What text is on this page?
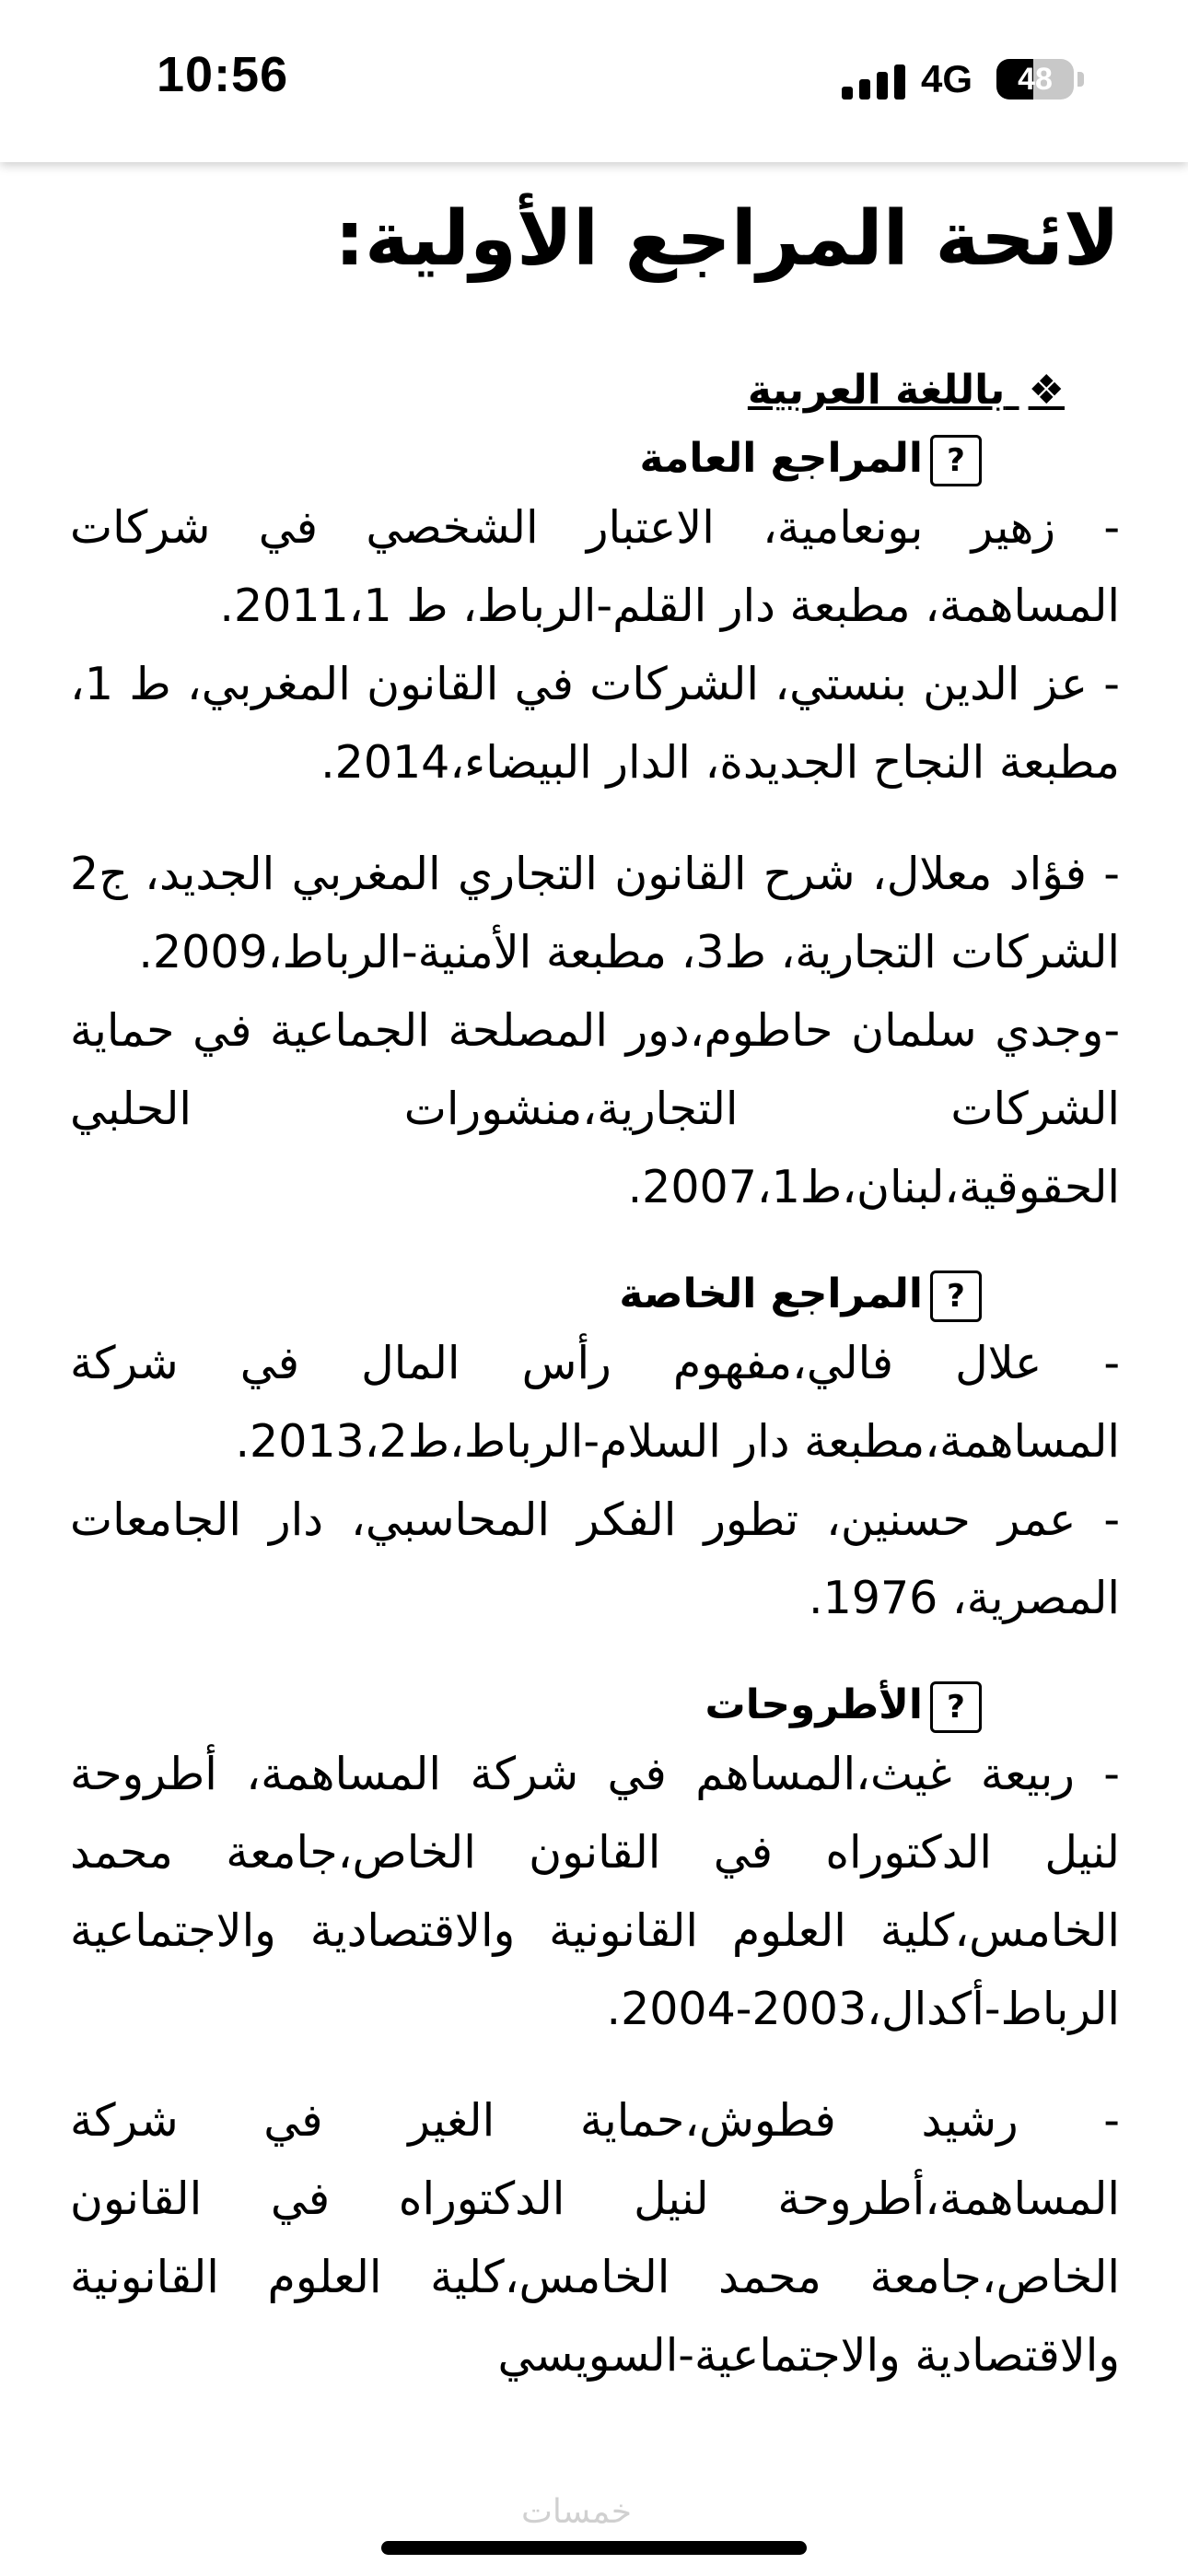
10:56	4G	48
لائحة المراجع الأولية:
❖ باللغة العربية
?المراجع العامة

- زهير بونعامية، الاعتبار الشخصي في شركات المساهمة، مطبعة دار القلم-الرباط، ط 2011،1.

- عز الدين بنستي، الشركات في القانون المغربي، ط 1، مطبعة النجاح الجديدة، الدار البيضاء،2014.

- فؤاد معلال، شرح القانون التجاري المغربي الجديد، ج2 الشركات التجارية، ط3، مطبعة الأمنية-الرباط،2009.

-وجدي سلمان حاطوم،دور المصلحة الجماعية في حماية الشركات التجارية،منشورات الحلبي الحقوقية،لبنان،ط2007،1.

?المراجع الخاصة

- علال فالي،مفهوم رأس المال في شركة المساهمة،مطبعة دار السلام-الرباط،ط2013،2.

- عمر حسنين، تطور الفكر المحاسبي، دار الجامعات المصرية، 1976.

?الأطروحات

- ربيعة غيث،المساهم في شركة المساهمة، أطروحة لنيل الدكتوراه في القانون الخاص،جامعة محمد الخامس،كلية العلوم القانونية والاقتصادية والاجتماعية الرباط-أكدال،2003-2004.

- رشيد فطوش،حماية الغير في شركة المساهمة،أطروحة لنيل الدكتوراه في القانون الخاص،جامعة محمد الخامس،كلية العلوم القانونية والاقتصادية والاجتماعية-السويسي

خمسات
